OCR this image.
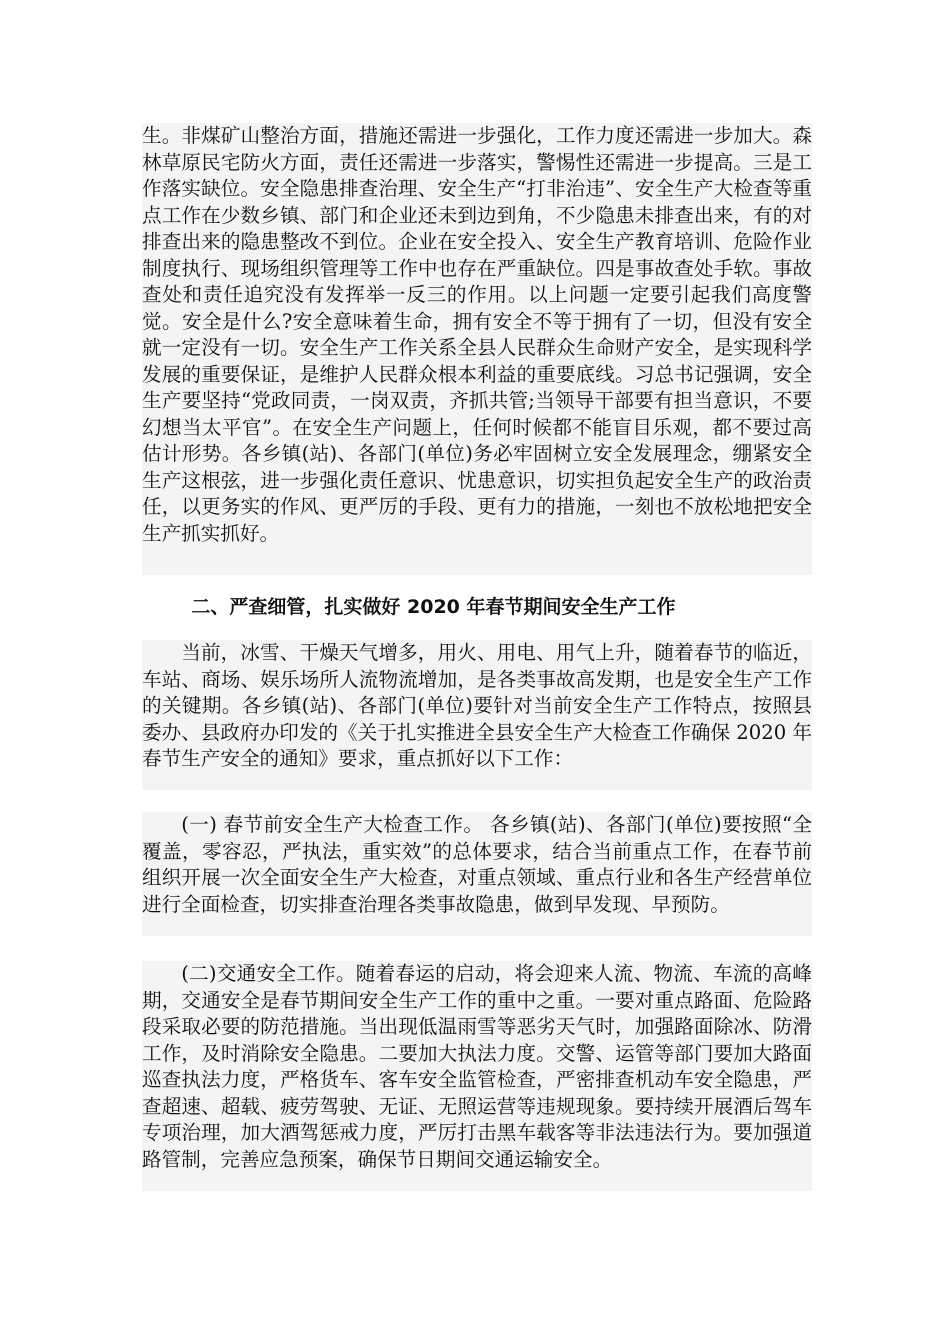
生。非煤矿山整治方面，措施还需进一步强化，工作力度还需进一步加大。森林草原民宅防火方面，责任还需进一步落实，警惕性还需进一步提高。三是工作落实缺位。安全隐患排查治理、安全生产“打非治违”、安全生产大检查等重点工作在少数乡镇、部门和企业还未到边到角，不少隐患未排查出来，有的对排查出来的隐患整改不到位。企业在安全投入、安全生产教育培训、危险作业制度执行、现场组织管理等工作中也存在严重缺位。四是事故查处手软。事故查处和责任追究没有发挥举一反三的作用。以上问题一定要引起我们高度警觉。安全是什么?安全意味着生命，拥有安全不等于拥有了一切，但没有安全就一定没有一切。安全生产工作关系全县人民群众生命财产安全，是实现科学发展的重要保证，是维护人民群众根本利益的重要底线。习总书记强调，安全生产要坚持“党政同责，一岗双责，齐抓共管;当领导干部要有担当意识，不要幻想当太平官”。在安全生产问题上，任何时候都不能盲目乐观，都不要过高估计形势。各乡镇(站)、各部门(单位)务必牢固树立安全发展理念，绷紧安全生产这根弦，进一步强化责任意识、忧患意识，切实担负起安全生产的政治责任，以更务实的作风、更严厉的手段、更有力的措施，一刻也不放松地把安全生产抓实抓好。

二、严查细管，扎实做好 2020 年春节期间安全生产工作

当前，冰雪、干燥天气增多，用火、用电、用气上升，随着春节的临近，车站、商场、娱乐场所人流物流增加，是各类事故高发期，也是安全生产工作的关键期。各乡镇(站)、各部门(单位)要针对当前安全生产工作特点，按照县委办、县政府办印发的《关于扎实推进全县安全生产大检查工作确保 2020 年春节生产安全的通知》要求，重点抓好以下工作：

(一) 春节前安全生产大检查工作。 各乡镇(站)、各部门(单位)要按照“全覆盖，零容忍，严执法，重实效”的总体要求，结合当前重点工作，在春节前组织开展一次全面安全生产大检查，对重点领域、重点行业和各生产经营单位进行全面检查，切实排查治理各类事故隐患，做到早发现、早预防。

(二)交通安全工作。随着春运的启动，将会迎来人流、物流、车流的高峰期，交通安全是春节期间安全生产工作的重中之重。一要对重点路面、危险路段采取必要的防范措施。当出现低温雨雪等恶劣天气时，加强路面除冰、防滑工作，及时消除安全隐患。二要加大执法力度。交警、运管等部门要加大路面巡查执法力度，严格货车、客车安全监管检查，严密排查机动车安全隐患，严查超速、超载、疲劳驾驶、无证、无照运营等违规现象。要持续开展酒后驾车专项治理，加大酒驾惩戒力度，严厉打击黑车载客等非法违法行为。要加强道路管制，完善应急预案，确保节日期间交通运输安全。
